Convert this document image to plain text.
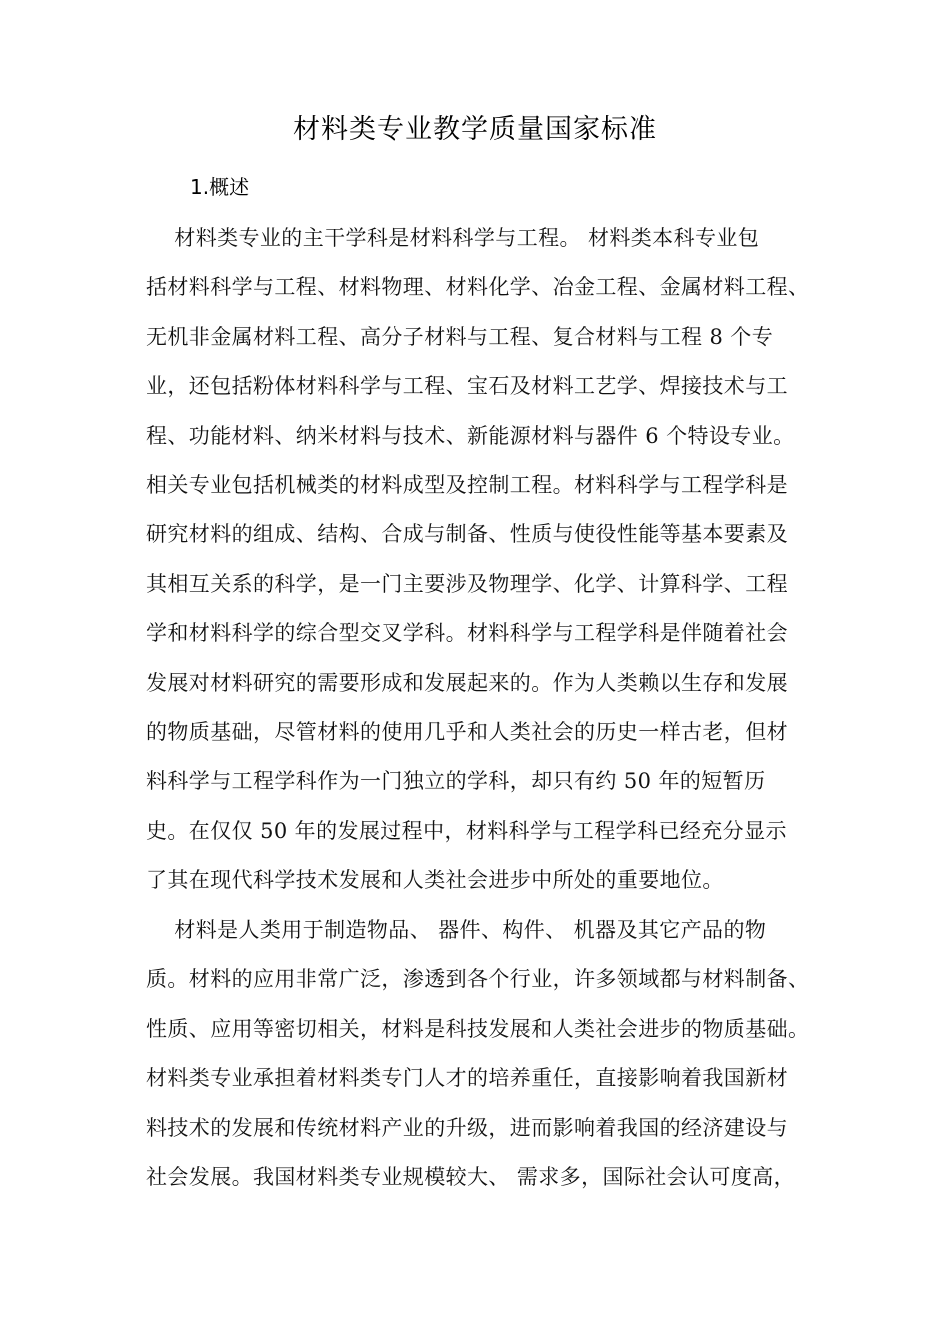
材料类专业教学质量国家标准
1.概述
材料类专业的主干学科是材料科学与工程。 材料类本科专业包
括材料科学与工程、材料物理、材料化学、冶金工程、金属材料工程、
无机非金属材料工程、高分子材料与工程、复合材料与工程 8 个专
业，还包括粉体材料科学与工程、宝石及材料工艺学、焊接技术与工
程、功能材料、纳米材料与技术、新能源材料与器件 6 个特设专业。
相关专业包括机械类的材料成型及控制工程。材料科学与工程学科是
研究材料的组成、结构、合成与制备、性质与使役性能等基本要素及
其相互关系的科学，是一门主要涉及物理学、化学、计算科学、工程
学和材料科学的综合型交叉学科。材料科学与工程学科是伴随着社会
发展对材料研究的需要形成和发展起来的。作为人类赖以生存和发展
的物质基础，尽管材料的使用几乎和人类社会的历史一样古老，但材
料科学与工程学科作为一门独立的学科，却只有约 50 年的短暂历
史。在仅仅 50 年的发展过程中，材料科学与工程学科已经充分显示
了其在现代科学技术发展和人类社会进步中所处的重要地位。
材料是人类用于制造物品、 器件、构件、 机器及其它产品的物
质。材料的应用非常广泛，渗透到各个行业，许多领域都与材料制备、
性质、应用等密切相关，材料是科技发展和人类社会进步的物质基础。
材料类专业承担着材料类专门人才的培养重任，直接影响着我国新材
料技术的发展和传统材料产业的升级，进而影响着我国的经济建设与
社会发展。我国材料类专业规模较大、 需求多，国际社会认可度高，
